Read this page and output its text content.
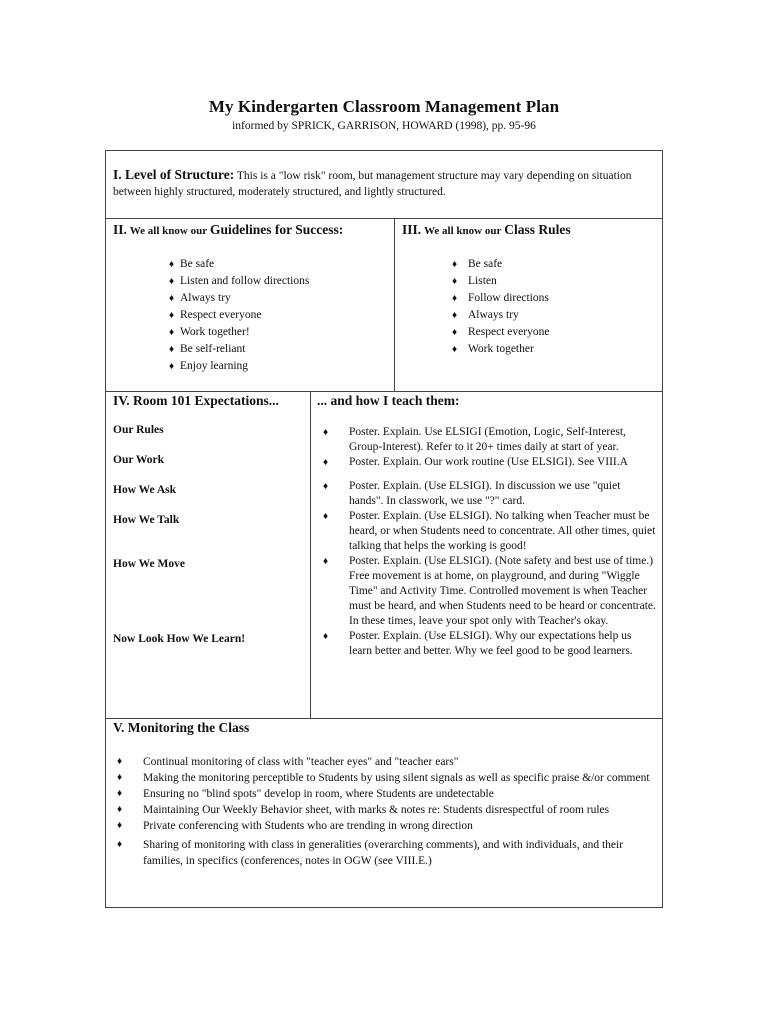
My Kindergarten Classroom Management Plan
informed by SPRICK, GARRISON, HOWARD (1998), pp. 95-96
I. Level of Structure: This is a "low risk" room, but management structure may vary depending on situation between highly structured, moderately structured, and lightly structured.
II. We all know our Guidelines for Success:
♦ Be safe
♦ Listen and follow directions
♦ Always try
♦ Respect everyone
♦ Work together!
♦ Be self-reliant
♦ Enjoy learning
III. We all know our Class Rules
♦ Be safe
♦ Listen
♦ Follow directions
♦ Always try
♦ Respect everyone
♦ Work together
IV. Room 101 Expectations...	... and how I teach them:
Our Rules
Our Work
How We Ask
How We Talk
How We Move
Now Look How We Learn!
♦ Poster. Explain. Use ELSIGI (Emotion, Logic, Self-Interest, Group-Interest). Refer to it 20+ times daily at start of year.
♦ Poster. Explain. Our work routine (Use ELSIGI). See VIII.A
♦ Poster. Explain. (Use ELSIGI). In discussion we use "quiet hands". In classwork, we use "?" card.
♦ Poster. Explain. (Use ELSIGI). No talking when Teacher must be heard, or when Students need to concentrate. All other times, quiet talking that helps the working is good!
♦ Poster. Explain. (Use ELSIGI). (Note safety and best use of time.) Free movement is at home, on playground, and during "Wiggle Time" and Activity Time. Controlled movement is when Teacher must be heard, and when Students need to be heard or concentrate. In these times, leave your spot only with Teacher's okay.
♦ Poster. Explain. (Use ELSIGI). Why our expectations help us learn better and better. Why we feel good to be good learners.
V. Monitoring the Class
♦ Continual monitoring of class with "teacher eyes" and "teacher ears"
♦ Making the monitoring perceptible to Students by using silent signals as well as specific praise &/or comment
♦ Ensuring no "blind spots" develop in room, where Students are undetectable
♦ Maintaining Our Weekly Behavior sheet, with marks & notes re: Students disrespectful of room rules
♦ Private conferencing with Students who are trending in wrong direction
♦ Sharing of monitoring with class in generalities (overarching comments), and with individuals, and their families, in specifics (conferences, notes in OGW (see VIII.E.)
